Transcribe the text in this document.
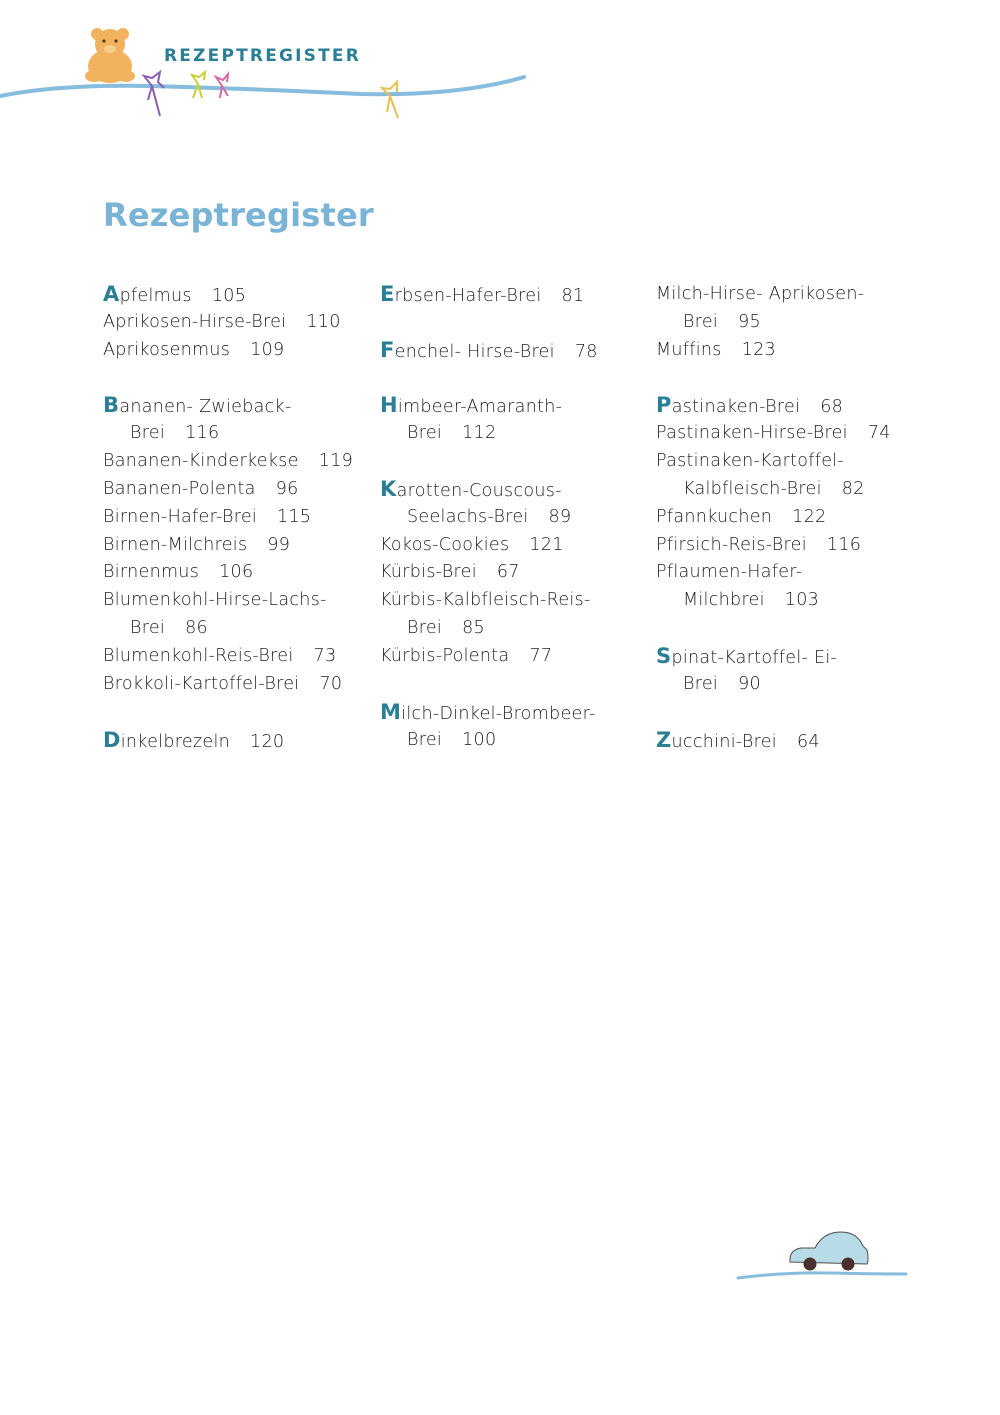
REZEPTREGISTER
Rezeptregister
Apfelmus 105
Aprikosen-Hirse-Brei 110
Aprikosenmus 109
Bananen- Zwieback-
Brei 116
Bananen-Kinderkekse 119
Bananen-Polenta 96
Birnen-Hafer-Brei 115
Birnen-Milchreis 99
Birnenmus 106
Blumenkohl-Hirse-Lachs-
Brei 86
Blumenkohl-Reis-Brei 73
Brokkoli-Kartoffel-Brei 70
Dinkelbrezeln 120
Erbsen-Hafer-Brei 81
Fenchel- Hirse-Brei 78
Himbeer-Amaranth-
Brei 112
Karotten-Couscous-
Seelachs-Brei 89
Kokos-Cookies 121
Kürbis-Brei 67
Kürbis-Kalbfleisch-Reis-
Brei 85
Kürbis-Polenta 77
Milch-Dinkel-Brombeer-
Brei 100
Milch-Hirse- Aprikosen-
Brei 95
Muffins 123
Pastinaken-Brei 68
Pastinaken-Hirse-Brei 74
Pastinaken-Kartoffel-
Kalbfleisch-Brei 82
Pfannkuchen 122
Pfirsich-Reis-Brei 116
Pflaumen-Hafer-
Milchbrei 103
Spinat-Kartoffel- Ei-
Brei 90
Zucchini-Brei 64
